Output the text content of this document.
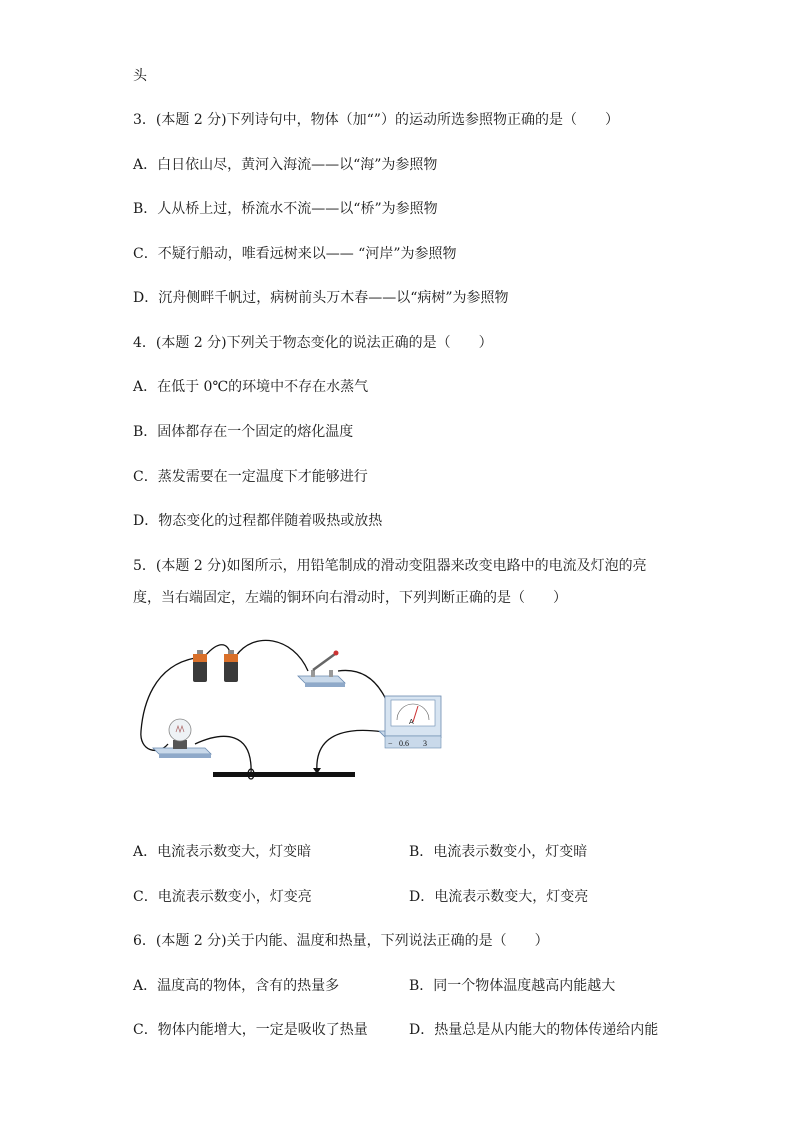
头
3．(本题 2 分)下列诗句中，物体（加“”）的运动所选参照物正确的是（　　）
A．白日依山尽，黄河入海流——以“海”为参照物
B．人从桥上过，桥流水不流——以“桥”为参照物
C．不疑行船动，唯看远树来以—— “河岸”为参照物
D．沉舟侧畔千帆过，病树前头万木春——以“病树”为参照物
4．(本题 2 分)下列关于物态变化的说法正确的是（　　）
A．在低于 0℃的环境中不存在水蒸气
B．固体都存在一个固定的熔化温度
C．蒸发需要在一定温度下才能够进行
D．物态变化的过程都伴随着吸热或放热
5．(本题 2 分)如图所示，用铅笔制成的滑动变阻器来改变电路中的电流及灯泡的亮
度，当右端固定，左端的铜环向右滑动时，下列判断正确的是（　　）
A
− 0.6 3
A．电流表示数变大，灯变暗	B．电流表示数变小，灯变暗
C．电流表示数变小，灯变亮	D．电流表示数变大，灯变亮
6．(本题 2 分)关于内能、温度和热量，下列说法正确的是（　　）
A．温度高的物体，含有的热量多	B．同一个物体温度越高内能越大
C．物体内能增大，一定是吸收了热量	D．热量总是从内能大的物体传递给内能
